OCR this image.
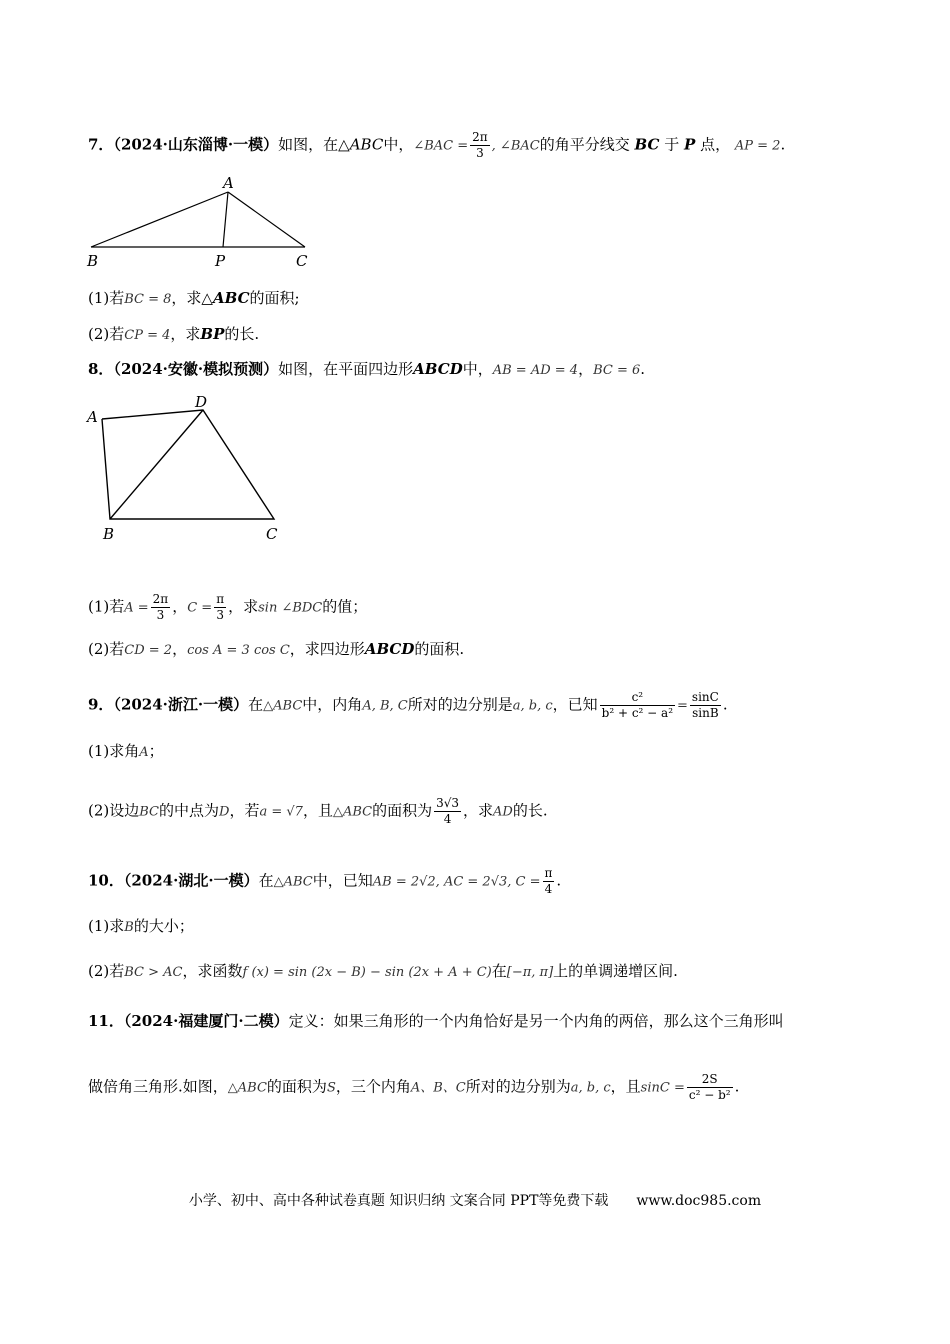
7．（2024·山东淄博·一模）如图，在△ABC中，∠BAC = $\frac{2\pi}{3}$ , ∠BAC的角平分线交 BC 于 P 点， AP = 2.
A
B	P	C
(1)若BC = 8，求△ABC的面积;
(2)若CP = 4，求BP的长.
8．（2024·安徽·模拟预测）如图，在平面四边形ABCD中，AB = AD = 4，BC = 6.
A
D
B	C
(1)若$A = \frac{2\pi}{3}$ ，$C = \frac{\pi}{3}$ ，求sin ∠BDC的值；
(2)若CD = 2，cos A = 3 cos C，求四边形ABCD的面积.
9．（2024·浙江·一模）在△ABC中，内角A, B, C所对的边分别是a, b, c，已知 $\frac{\text{c²}}{\text{b² + c² − a²}} = \frac{\sin C}{\sin B}$ .
(1)求角A；
(2)设边BC的中点为D，若a = √7，且△ABC的面积为 $\frac{3√3}{4}$ ，求AD的长.
10．（2024·湖北·一模）在△ABC中，已知AB = 2√2, AC = 2√3, $C = \frac{\pi}{4}$ .
(1)求B的大小；
(2)若BC > AC，求函数f (x) = sin (2x − B) − sin (2x + A + C)在[−π, π]上的单调递增区间.
11．（2024·福建厦门·二模）定义：如果三角形的一个内角恰好是另一个内角的两倍，那么这个三角形叫
做倍角三角形.如图，△ABC的面积为S，三个内角A、B、C所对的边分别为a, b, c，且$\sin C = \frac{2S}{\text{c² − b²}}$ .
小学、初中、高中各种试卷真题 知识归纳 文案合同 PPT等免费下载　　www.doc985.com
